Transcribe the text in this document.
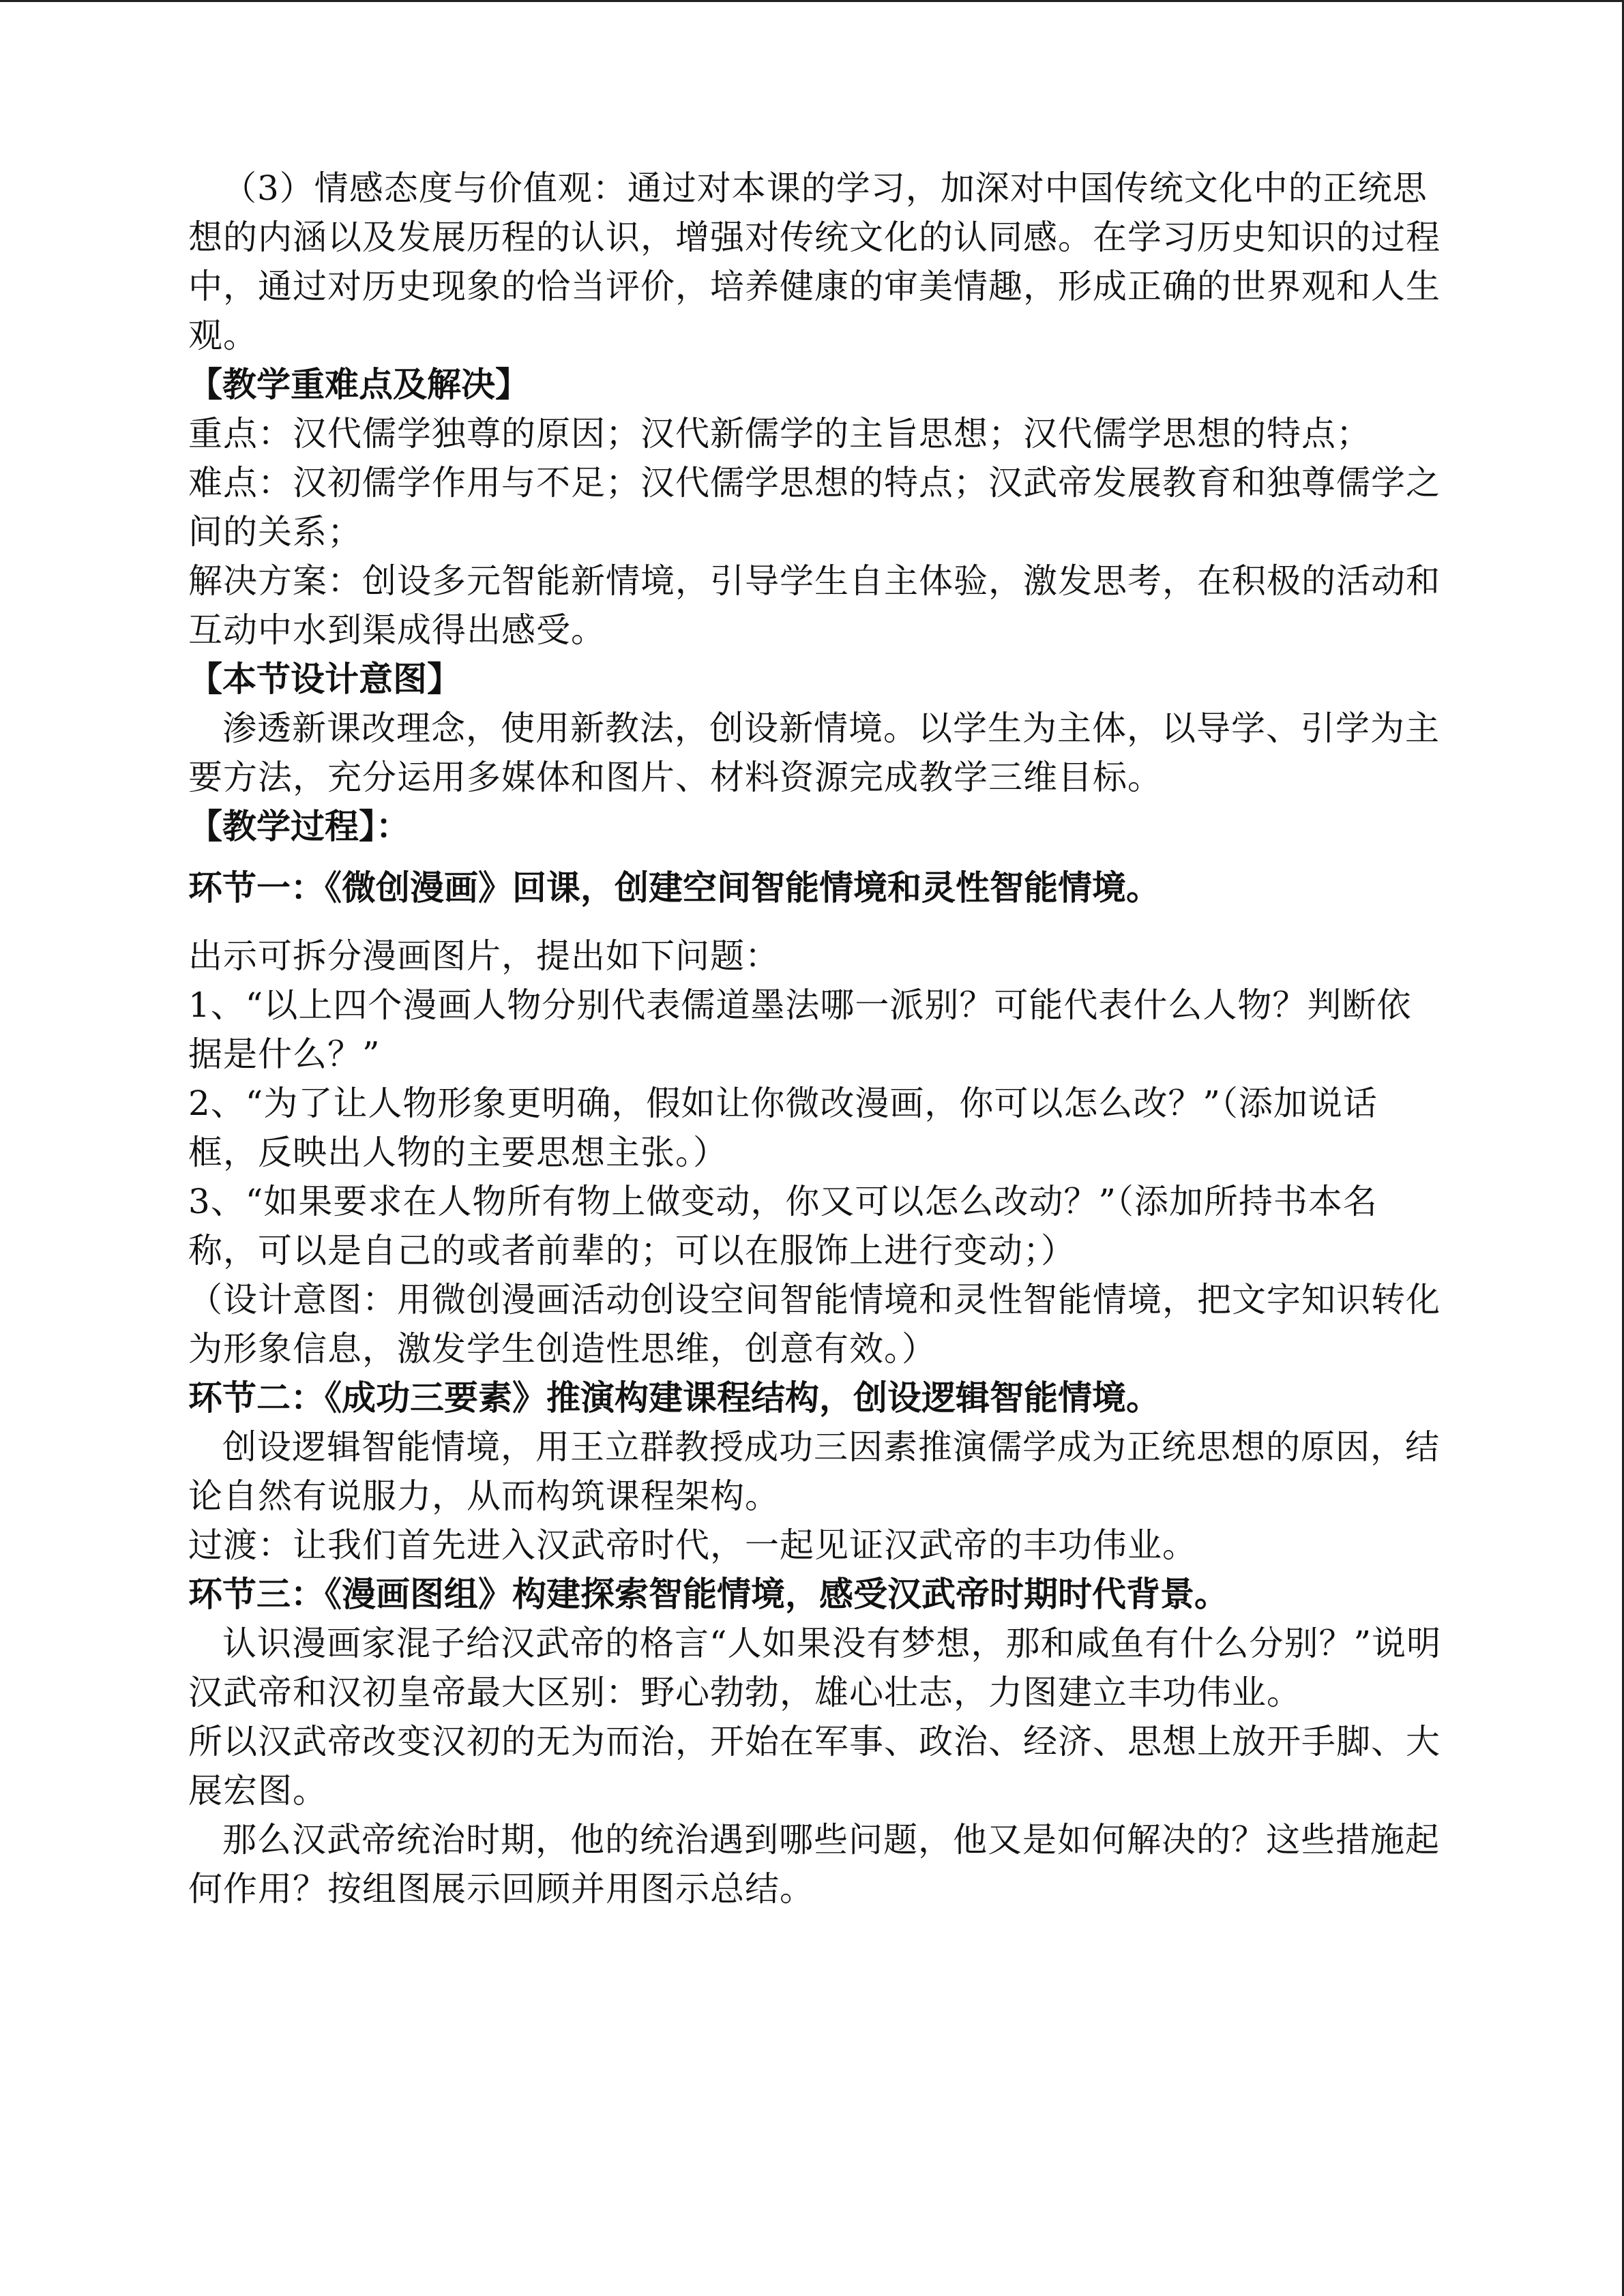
（3）情感态度与价值观：通过对本课的学习，加深对中国传统文化中的正统思想的内涵以及发展历程的认识，增强对传统文化的认同感。在学习历史知识的过程中，通过对历史现象的恰当评价，培养健康的审美情趣，形成正确的世界观和人生观。

【教学重难点及解决】

重点：汉代儒学独尊的原因；汉代新儒学的主旨思想；汉代儒学思想的特点；

难点：汉初儒学作用与不足；汉代儒学思想的特点；汉武帝发展教育和独尊儒学之间的关系；

解决方案：创设多元智能新情境，引导学生自主体验，激发思考，在积极的活动和互动中水到渠成得出感受。

【本节设计意图】

渗透新课改理念，使用新教法，创设新情境。以学生为主体，以导学、引学为主要方法，充分运用多媒体和图片、材料资源完成教学三维目标。

【教学过程】：

环节一：《微创漫画》回课，创建空间智能情境和灵性智能情境。

出示可拆分漫画图片，提出如下问题：

1、“以上四个漫画人物分别代表儒道墨法哪一派别？可能代表什么人物？判断依据是什么？”

2、“为了让人物形象更明确，假如让你微改漫画，你可以怎么改？”（添加说话框，反映出人物的主要思想主张。）

3、“如果要求在人物所有物上做变动，你又可以怎么改动？”（添加所持书本名称，可以是自己的或者前辈的；可以在服饰上进行变动；）

（设计意图：用微创漫画活动创设空间智能情境和灵性智能情境，把文字知识转化为形象信息，激发学生创造性思维，创意有效。）

环节二：《成功三要素》推演构建课程结构，创设逻辑智能情境。

创设逻辑智能情境，用王立群教授成功三因素推演儒学成为正统思想的原因，结论自然有说服力，从而构筑课程架构。

过渡：让我们首先进入汉武帝时代，一起见证汉武帝的丰功伟业。

环节三：《漫画图组》构建探索智能情境，感受汉武帝时期时代背景。

认识漫画家混子给汉武帝的格言“人如果没有梦想，那和咸鱼有什么分别？”说明汉武帝和汉初皇帝最大区别：野心勃勃，雄心壮志，力图建立丰功伟业。

所以汉武帝改变汉初的无为而治，开始在军事、政治、经济、思想上放开手脚、大展宏图。

那么汉武帝统治时期，他的统治遇到哪些问题，他又是如何解决的？这些措施起何作用？按组图展示回顾并用图示总结。
